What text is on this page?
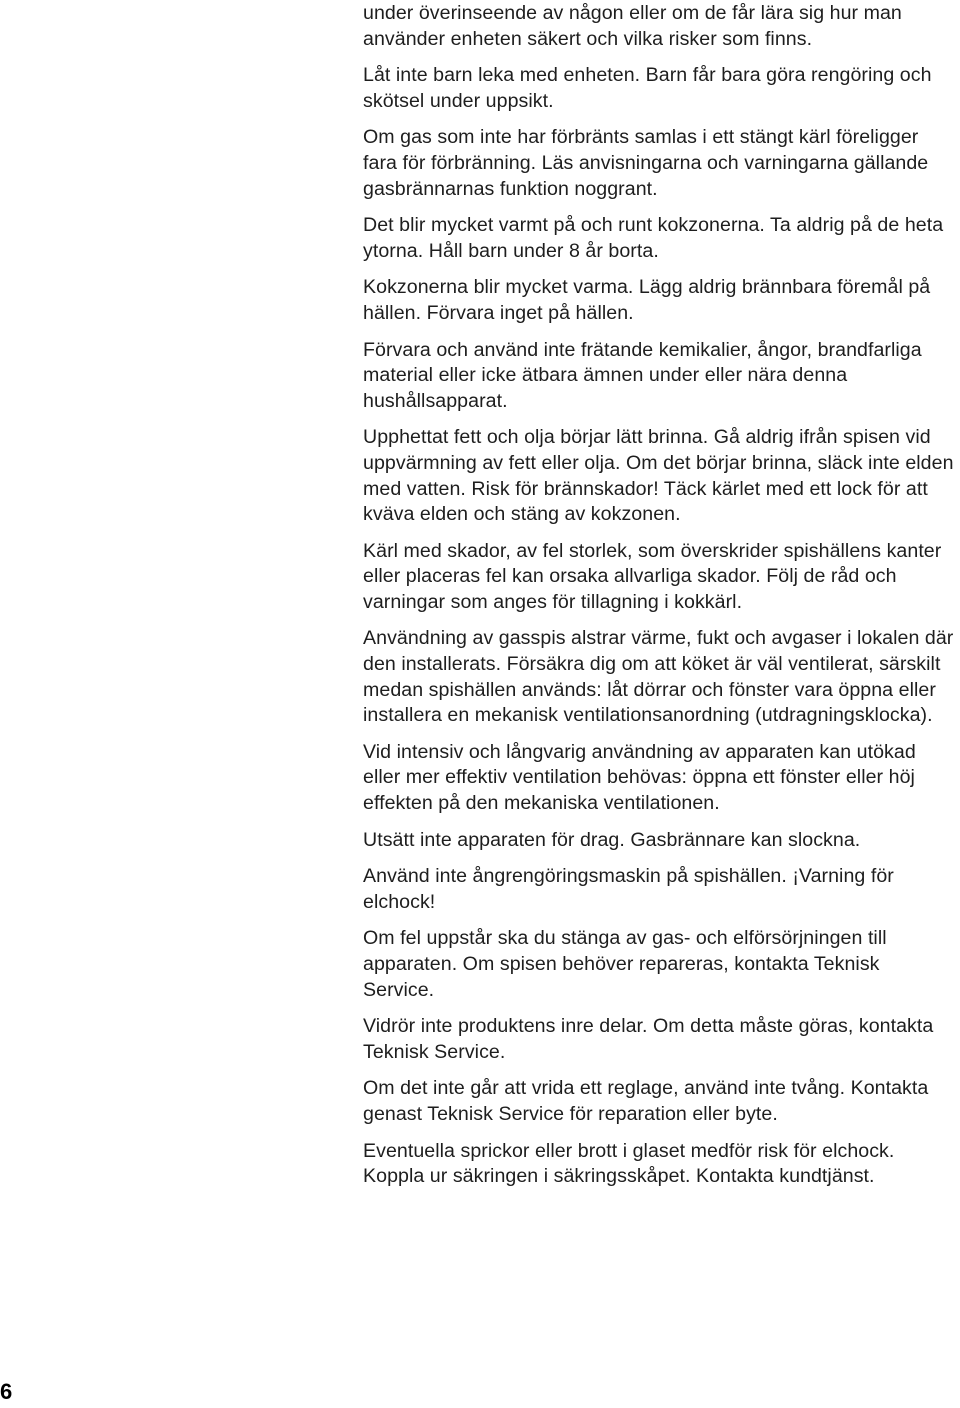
under överinseende av någon eller om de får lära sig hur man använder enheten säkert och vilka risker som finns.

Låt inte barn leka med enheten. Barn får bara göra rengöring och skötsel under uppsikt.

Om gas som inte har förbränts samlas i ett stängt kärl föreligger fara för förbränning. Läs anvisningarna och varningarna gällande gasbrännarnas funktion noggrant.

Det blir mycket varmt på och runt kokzonerna. Ta aldrig på de heta ytorna. Håll barn under 8 år borta.

Kokzonerna blir mycket varma. Lägg aldrig brännbara föremål på hällen. Förvara inget på hällen.

Förvara och använd inte frätande kemikalier, ångor, brandfarliga material eller icke ätbara ämnen under eller nära denna hushållsapparat.

Upphettat fett och olja börjar lätt brinna. Gå aldrig ifrån spisen vid uppvärmning av fett eller olja. Om det börjar brinna, släck inte elden med vatten. Risk för brännskador! Täck kärlet med ett lock för att kväva elden och stäng av kokzonen.

Kärl med skador, av fel storlek, som överskrider spishällens kanter eller placeras fel kan orsaka allvarliga skador. Följ de råd och varningar som anges för tillagning i kokkärl.

Användning av gasspis alstrar värme, fukt och avgaser i lokalen där den installerats. Försäkra dig om att köket är väl ventilerat, särskilt medan spishällen används: låt dörrar och fönster vara öppna eller installera en mekanisk ventilationsanordning (utdragningsklocka).

Vid intensiv och långvarig användning av apparaten kan utökad eller mer effektiv ventilation behövas: öppna ett fönster eller höj effekten på den mekaniska ventilationen.

Utsätt inte apparaten för drag. Gasbrännare kan slockna.

Använd inte ångrengöringsmaskin på spishällen. ¡Varning för elchock!

Om fel uppstår ska du stänga av gas- och elförsörjningen till apparaten. Om spisen behöver repareras, kontakta Teknisk Service.

Vidrör inte produktens inre delar. Om detta måste göras, kontakta Teknisk Service.

Om det inte går att vrida ett reglage, använd inte tvång. Kontakta genast Teknisk Service för reparation eller byte.

Eventuella sprickor eller brott i glaset medför risk för elchock. Koppla ur säkringen i säkringsskåpet. Kontakta kundtjänst.

6
